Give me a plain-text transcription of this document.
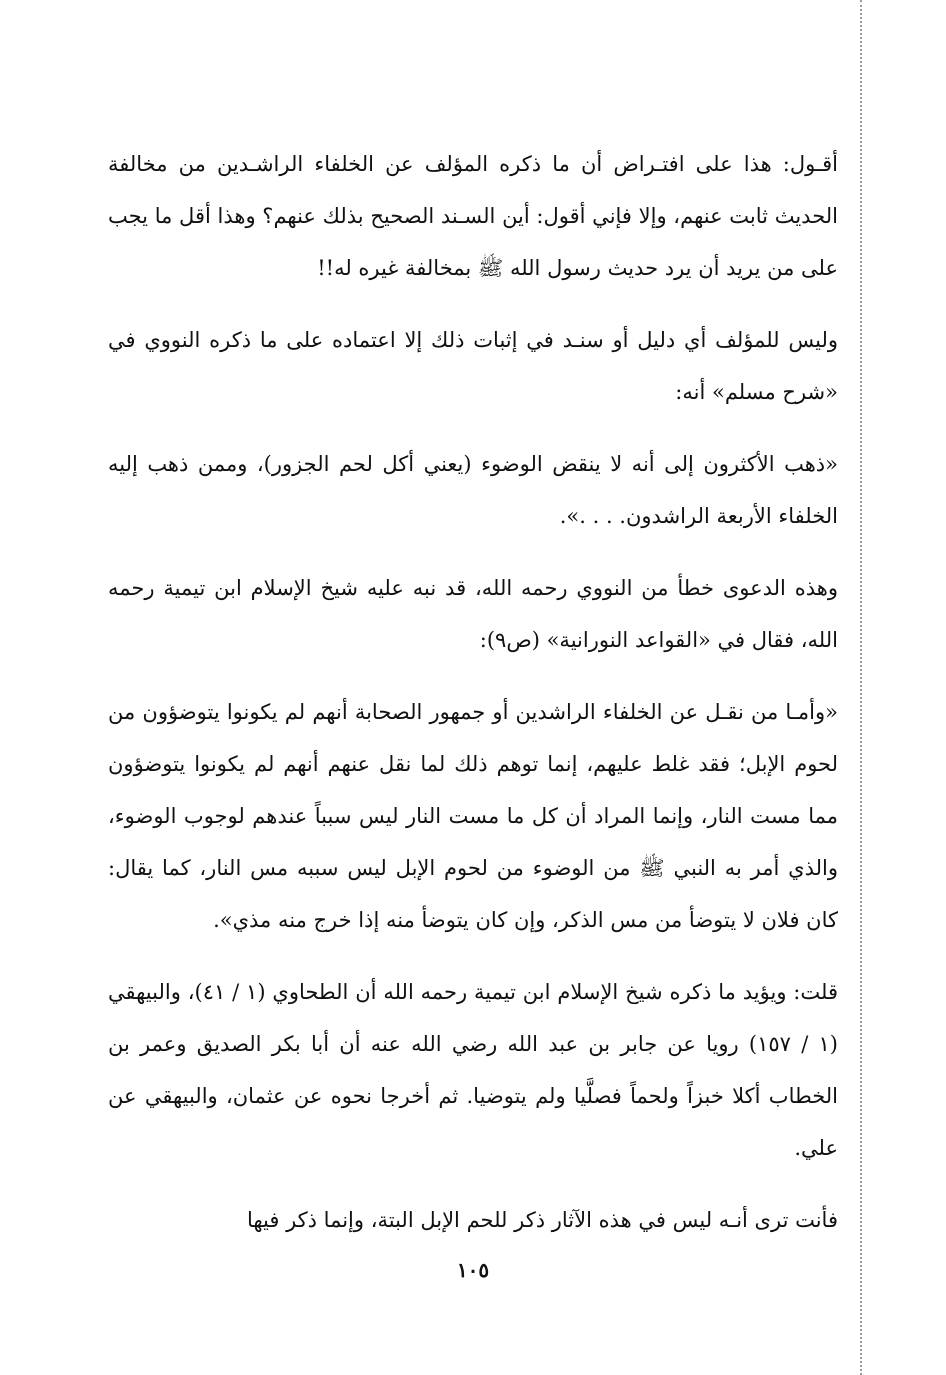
أقـول: هذا على افتـراض أن ما ذكره المؤلف عن الخلفاء الراشـدين من مخالفة الحديث ثابت عنهم، وإلا فإني أقول: أين السـند الصحيح بذلك عنهم؟ وهذا أقل ما يجب على من يريد أن يرد حديث رسول الله ﷺ بمخالفة غيره له!!

وليس للمؤلف أي دليل أو سنـد في إثبات ذلك إلا اعتماده على ما ذكره النووي في «شرح مسلم» أنه:

«ذهب الأكثرون إلى أنه لا ينقض الوضوء (يعني أكل لحم الجزور)، وممن ذهب إليه الخلفاء الأربعة الراشدون. . . .».

وهذه الدعوى خطأ من النووي رحمه الله، قد نبه عليه شيخ الإسلام ابن تيمية رحمه الله، فقال في «القواعد النورانية» (ص٩):

«وأمـا من نقـل عن الخلفاء الراشدين أو جمهور الصحابة أنهم لم يكونوا يتوضؤون من لحوم الإبل؛ فقد غلط عليهم، إنما توهم ذلك لما نقل عنهم أنهم لم يكونوا يتوضؤون مما مست النار، وإنما المراد أن كل ما مست النار ليس سبباً عندهم لوجوب الوضوء، والذي أمر به النبي ﷺ من الوضوء من لحوم الإبل ليس سببه مس النار، كما يقال: كان فلان لا يتوضأ من مس الذكر، وإن كان يتوضأ منه إذا خرج منه مذي».

قلت: ويؤيد ما ذكره شيخ الإسلام ابن تيمية رحمه الله أن الطحاوي (١ / ٤١)، والبيهقي (١ / ١٥٧) رويا عن جابر بن عبد الله رضي الله عنه أن أبا بكر الصديق وعمر بن الخطاب أكلا خبزاً ولحماً فصلَّيا ولم يتوضيا. ثم أخرجا نحوه عن عثمان، والبيهقي عن علي.

فأنت ترى أنـه ليس في هذه الآثار ذكر للحم الإبل البتة، وإنما ذكر فيها

١٠٥
